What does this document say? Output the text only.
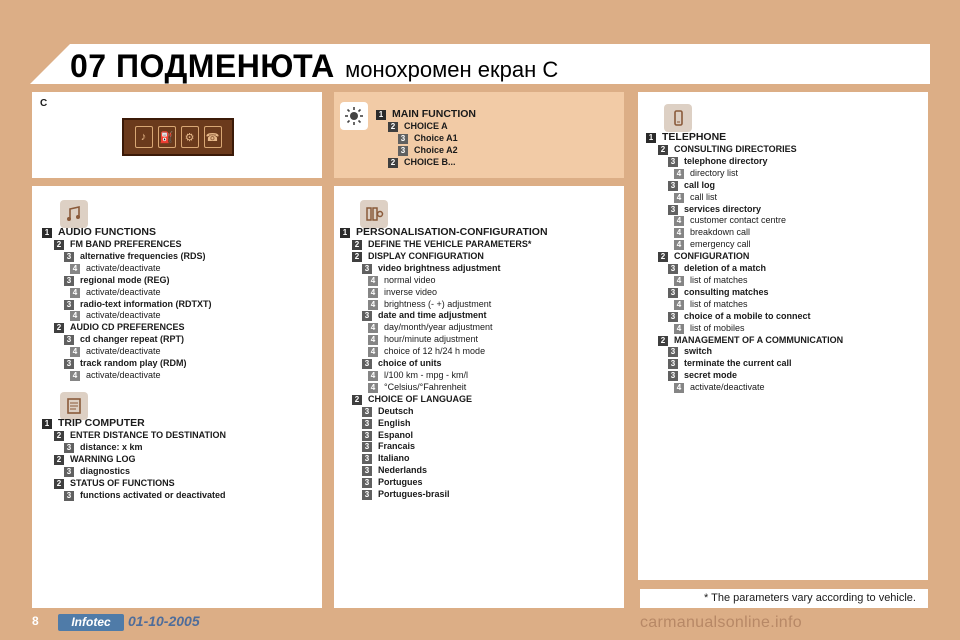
07 ПОДМЕНЮТА монохромен екран C
C
♪	⛽	⚙	☎
1 MAIN FUNCTION
2 CHOICE A
3 Choice A1
3 Choice A2
2 CHOICE B...
1 AUDIO FUNCTIONS
2 FM BAND PREFERENCES
3 alternative frequencies (RDS)
4 activate/deactivate
3 regional mode (REG)
4 activate/deactivate
3 radio-text information (RDTXT)
4 activate/deactivate
2 AUDIO CD PREFERENCES
3 cd changer repeat (RPT)
4 activate/deactivate
3 track random play (RDM)
4 activate/deactivate
1 TRIP COMPUTER
2 ENTER DISTANCE TO DESTINATION
3 distance: x km
2 WARNING LOG
3 diagnostics
2 STATUS OF FUNCTIONS
3 functions activated or deactivated
1 PERSONALISATION-CONFIGURATION
2 DEFINE THE VEHICLE PARAMETERS*
2 DISPLAY CONFIGURATION
3 video brightness adjustment
4 normal video
4 inverse video
4 brightness (- +) adjustment
3 date and time adjustment
4 day/month/year adjustment
4 hour/minute adjustment
4 choice of 12 h/24 h mode
3 choice of units
4 l/100 km - mpg - km/l
4 °Celsius/°Fahrenheit
2 CHOICE OF LANGUAGE
3 Deutsch
3 English
3 Espanol
3 Francais
3 Italiano
3 Nederlands
3 Portugues
3 Portugues-brasil
1 TELEPHONE
2 CONSULTING DIRECTORIES
3 telephone directory
4 directory list
3 call log
4 call list
3 services directory
4 customer contact centre
4 breakdown call
4 emergency call
2 CONFIGURATION
3 deletion of a match
4 list of matches
3 consulting matches
4 list of matches
3 choice of a mobile to connect
4 list of mobiles
2 MANAGEMENT OF A COMMUNICATION
3 switch
3 terminate the current call
3 secret mode
4 activate/deactivate
* The parameters vary according to vehicle.
8	Infotec	01-10-2005	carmanualsonline.info
